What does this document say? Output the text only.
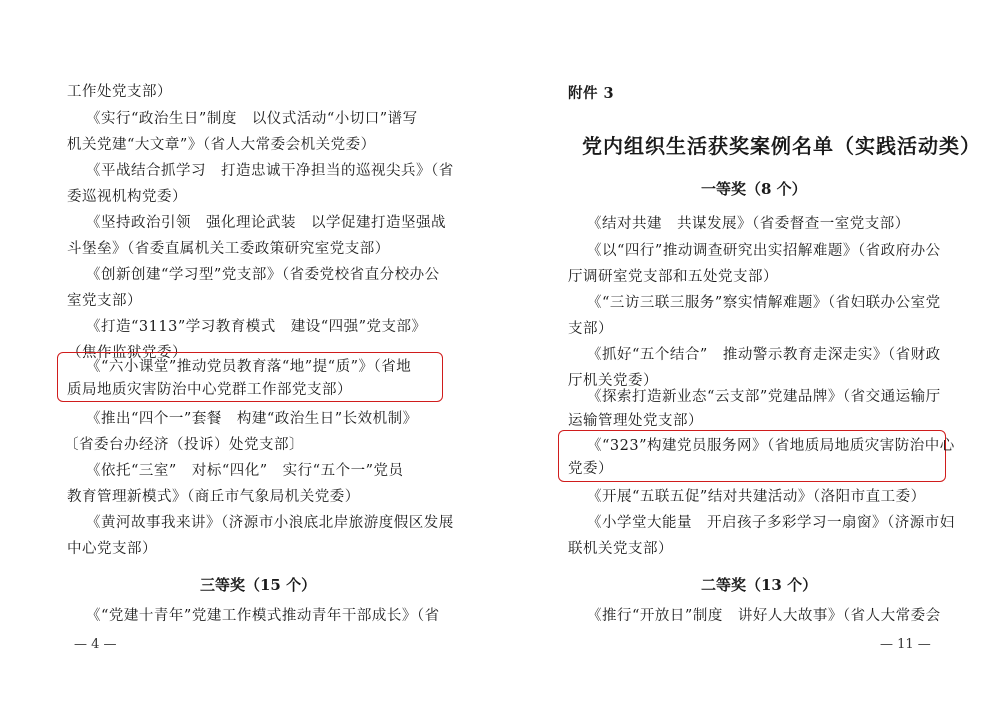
工作处党支部）
《实行“政治生日”制度　以仪式活动“小切口”谱写
机关党建“大文章”》（省人大常委会机关党委）
《平战结合抓学习　打造忠诚干净担当的巡视尖兵》（省
委巡视机构党委）
《坚持政治引领　强化理论武装　以学促建打造坚强战
斗堡垒》（省委直属机关工委政策研究室党支部）
《创新创建“学习型”党支部》（省委党校省直分校办公
室党支部）
《打造“3113”学习教育模式　建设“四强”党支部》
（焦作监狱党委）
《“六小课堂”推动党员教育落“地”提“质”》（省地
质局地质灾害防治中心党群工作部党支部）
《推出“四个一”套餐　构建“政治生日”长效机制》
〔省委台办经济（投诉）处党支部〕
《依托“三室”　对标“四化”　实行“五个一”党员
教育管理新模式》（商丘市气象局机关党委）
《黄河故事我来讲》（济源市小浪底北岸旅游度假区发展
中心党支部）
三等奖（15 个）
《“党建十青年”党建工作模式推动青年干部成长》（省
— 4 —
附件 3
党内组织生活获奖案例名单（实践活动类）
一等奖（8 个）
《结对共建　共谋发展》（省委督查一室党支部）
《以“四行”推动调查研究出实招解难题》（省政府办公
厅调研室党支部和五处党支部）
《“三访三联三服务”察实情解难题》（省妇联办公室党
支部）
《抓好“五个结合”　推动警示教育走深走实》（省财政
厅机关党委）
《探索打造新业态“云支部”党建品牌》（省交通运输厅
运输管理处党支部）
《“323”构建党员服务网》（省地质局地质灾害防治中心
党委）
《开展“五联五促”结对共建活动》（洛阳市直工委）
《小学堂大能量　开启孩子多彩学习一扇窗》（济源市妇
联机关党支部）
二等奖（13 个）
《推行“开放日”制度　讲好人大故事》（省人大常委会
— 11 —
